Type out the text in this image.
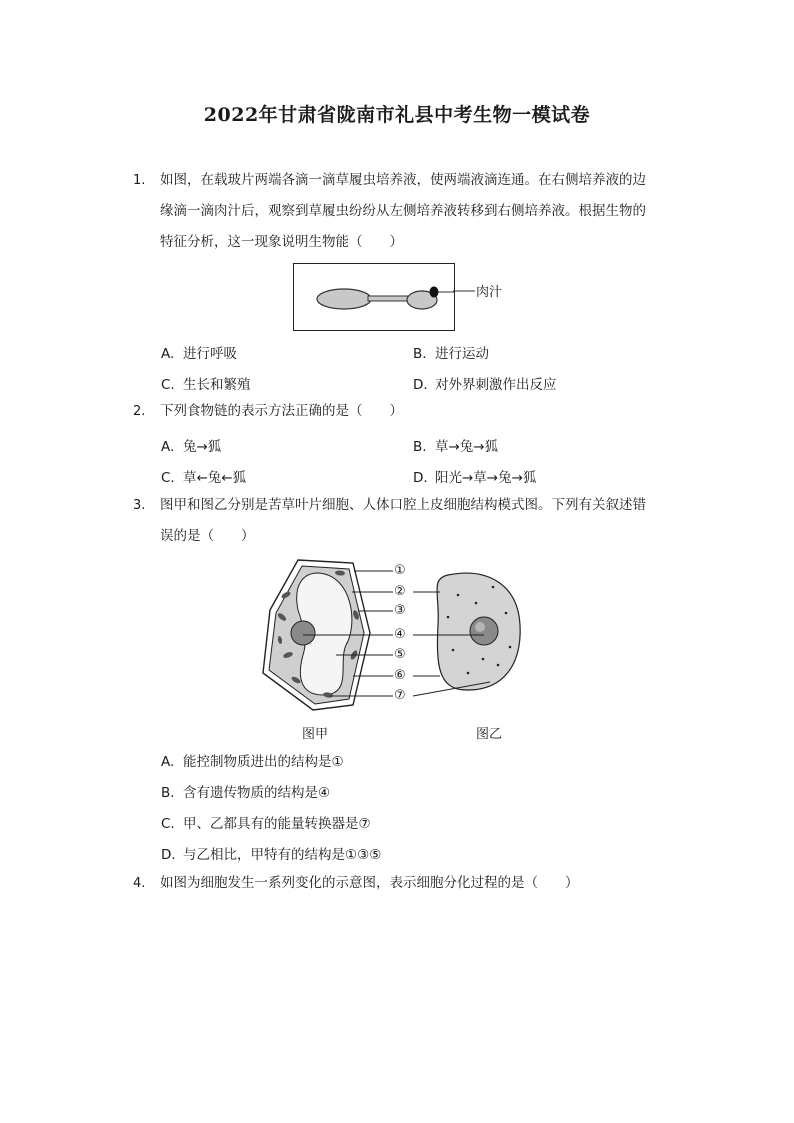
2022年甘肃省陇南市礼县中考生物一模试卷
1. 如图，在载玻片两端各滴一滴草履虫培养液，使两端液滴连通。在右侧培养液的边
缘滴一滴肉汁后，观察到草履虫纷纷从左侧培养液转移到右侧培养液。根据生物的
特征分析，这一现象说明生物能（　　）
肉汁
A. 进行呼吸	B. 进行运动
C. 生长和繁殖	D. 对外界刺激作出反应
2. 下列食物链的表示方法正确的是（　　）
A. 兔→狐	B. 草→兔→狐
C. 草←兔←狐	D. 阳光→草→兔→狐
3. 图甲和图乙分别是苦草叶片细胞、人体口腔上皮细胞结构模式图。下列有关叙述错
误的是（　　）
①
②
③
④
⑤
⑥
⑦
图甲	图乙
A. 能控制物质进出的结构是①
B. 含有遗传物质的结构是④
C. 甲、乙都具有的能量转换器是⑦
D. 与乙相比，甲特有的结构是①③⑤
4. 如图为细胞发生一系列变化的示意图，表示细胞分化过程的是（　　）
